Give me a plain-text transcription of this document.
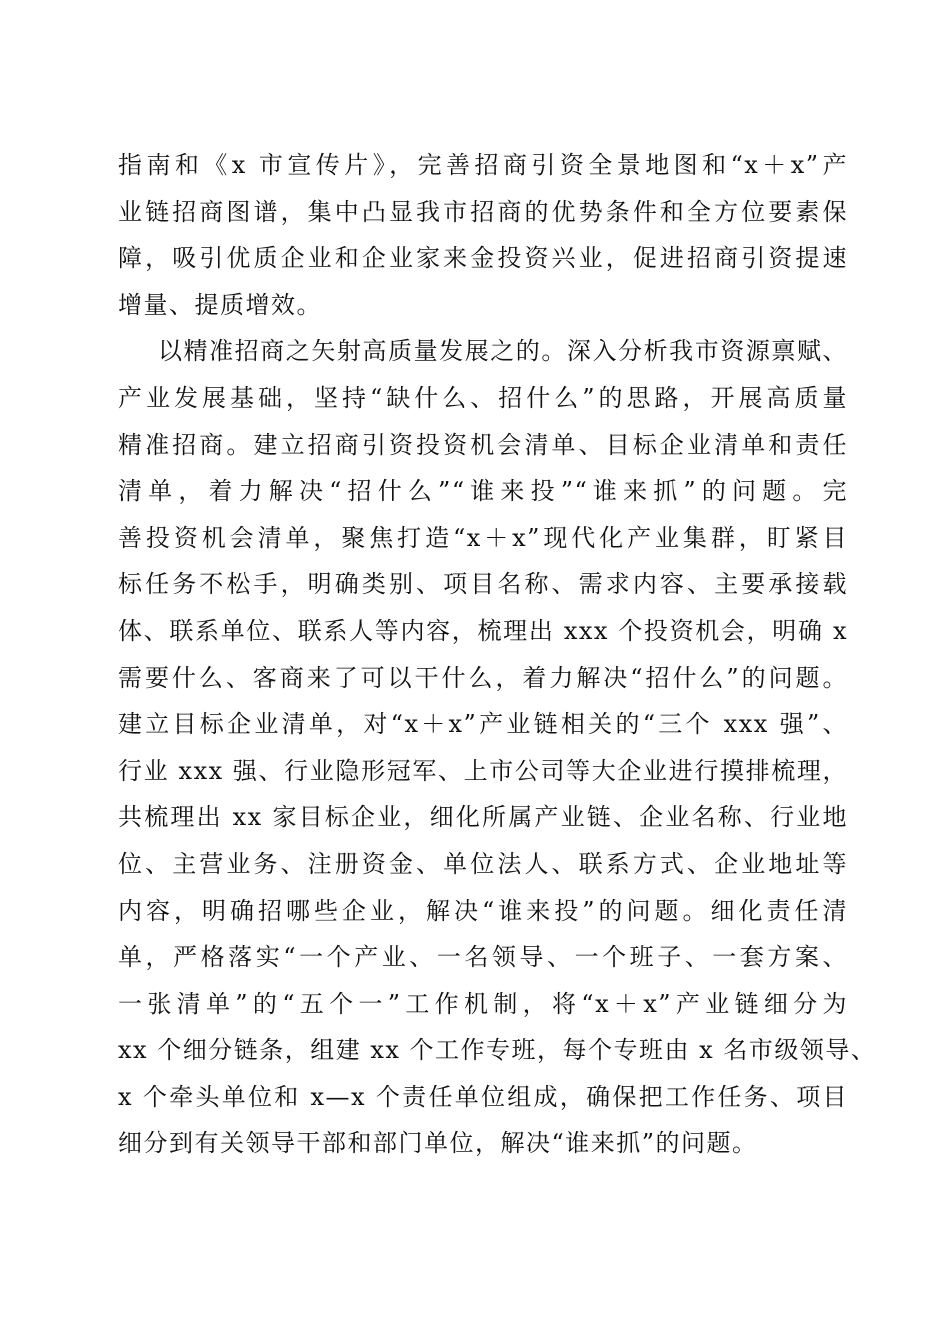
指南和《x 市宣传片》，完善招商引资全景地图和“x＋x”产
业链招商图谱，集中凸显我市招商的优势条件和全方位要素保
障，吸引优质企业和企业家来金投资兴业，促进招商引资提速
增量、提质增效。
以精准招商之矢射高质量发展之的。深入分析我市资源禀赋、
产业发展基础，坚持“缺什么、招什么”的思路，开展高质量
精准招商。建立招商引资投资机会清单、目标企业清单和责任
清单，着力解决“招什么”“谁来投”“谁来抓”的问题。完
善投资机会清单，聚焦打造“x＋x”现代化产业集群，盯紧目
标任务不松手，明确类别、项目名称、需求内容、主要承接载
体、联系单位、联系人等内容，梳理出 xxx 个投资机会，明确 x
需要什么、客商来了可以干什么，着力解决“招什么”的问题。
建立目标企业清单，对“x＋x”产业链相关的“三个 xxx 强”、
行业 xxx 强、行业隐形冠军、上市公司等大企业进行摸排梳理，
共梳理出 xx 家目标企业，细化所属产业链、企业名称、行业地
位、主营业务、注册资金、单位法人、联系方式、企业地址等
内容，明确招哪些企业，解决“谁来投”的问题。细化责任清
单，严格落实“一个产业、一名领导、一个班子、一套方案、
一张清单”的“五个一”工作机制，将“x＋x”产业链细分为
xx 个细分链条，组建 xx 个工作专班，每个专班由 x 名市级领导、
x 个牵头单位和 x—x 个责任单位组成，确保把工作任务、项目
细分到有关领导干部和部门单位，解决“谁来抓”的问题。
